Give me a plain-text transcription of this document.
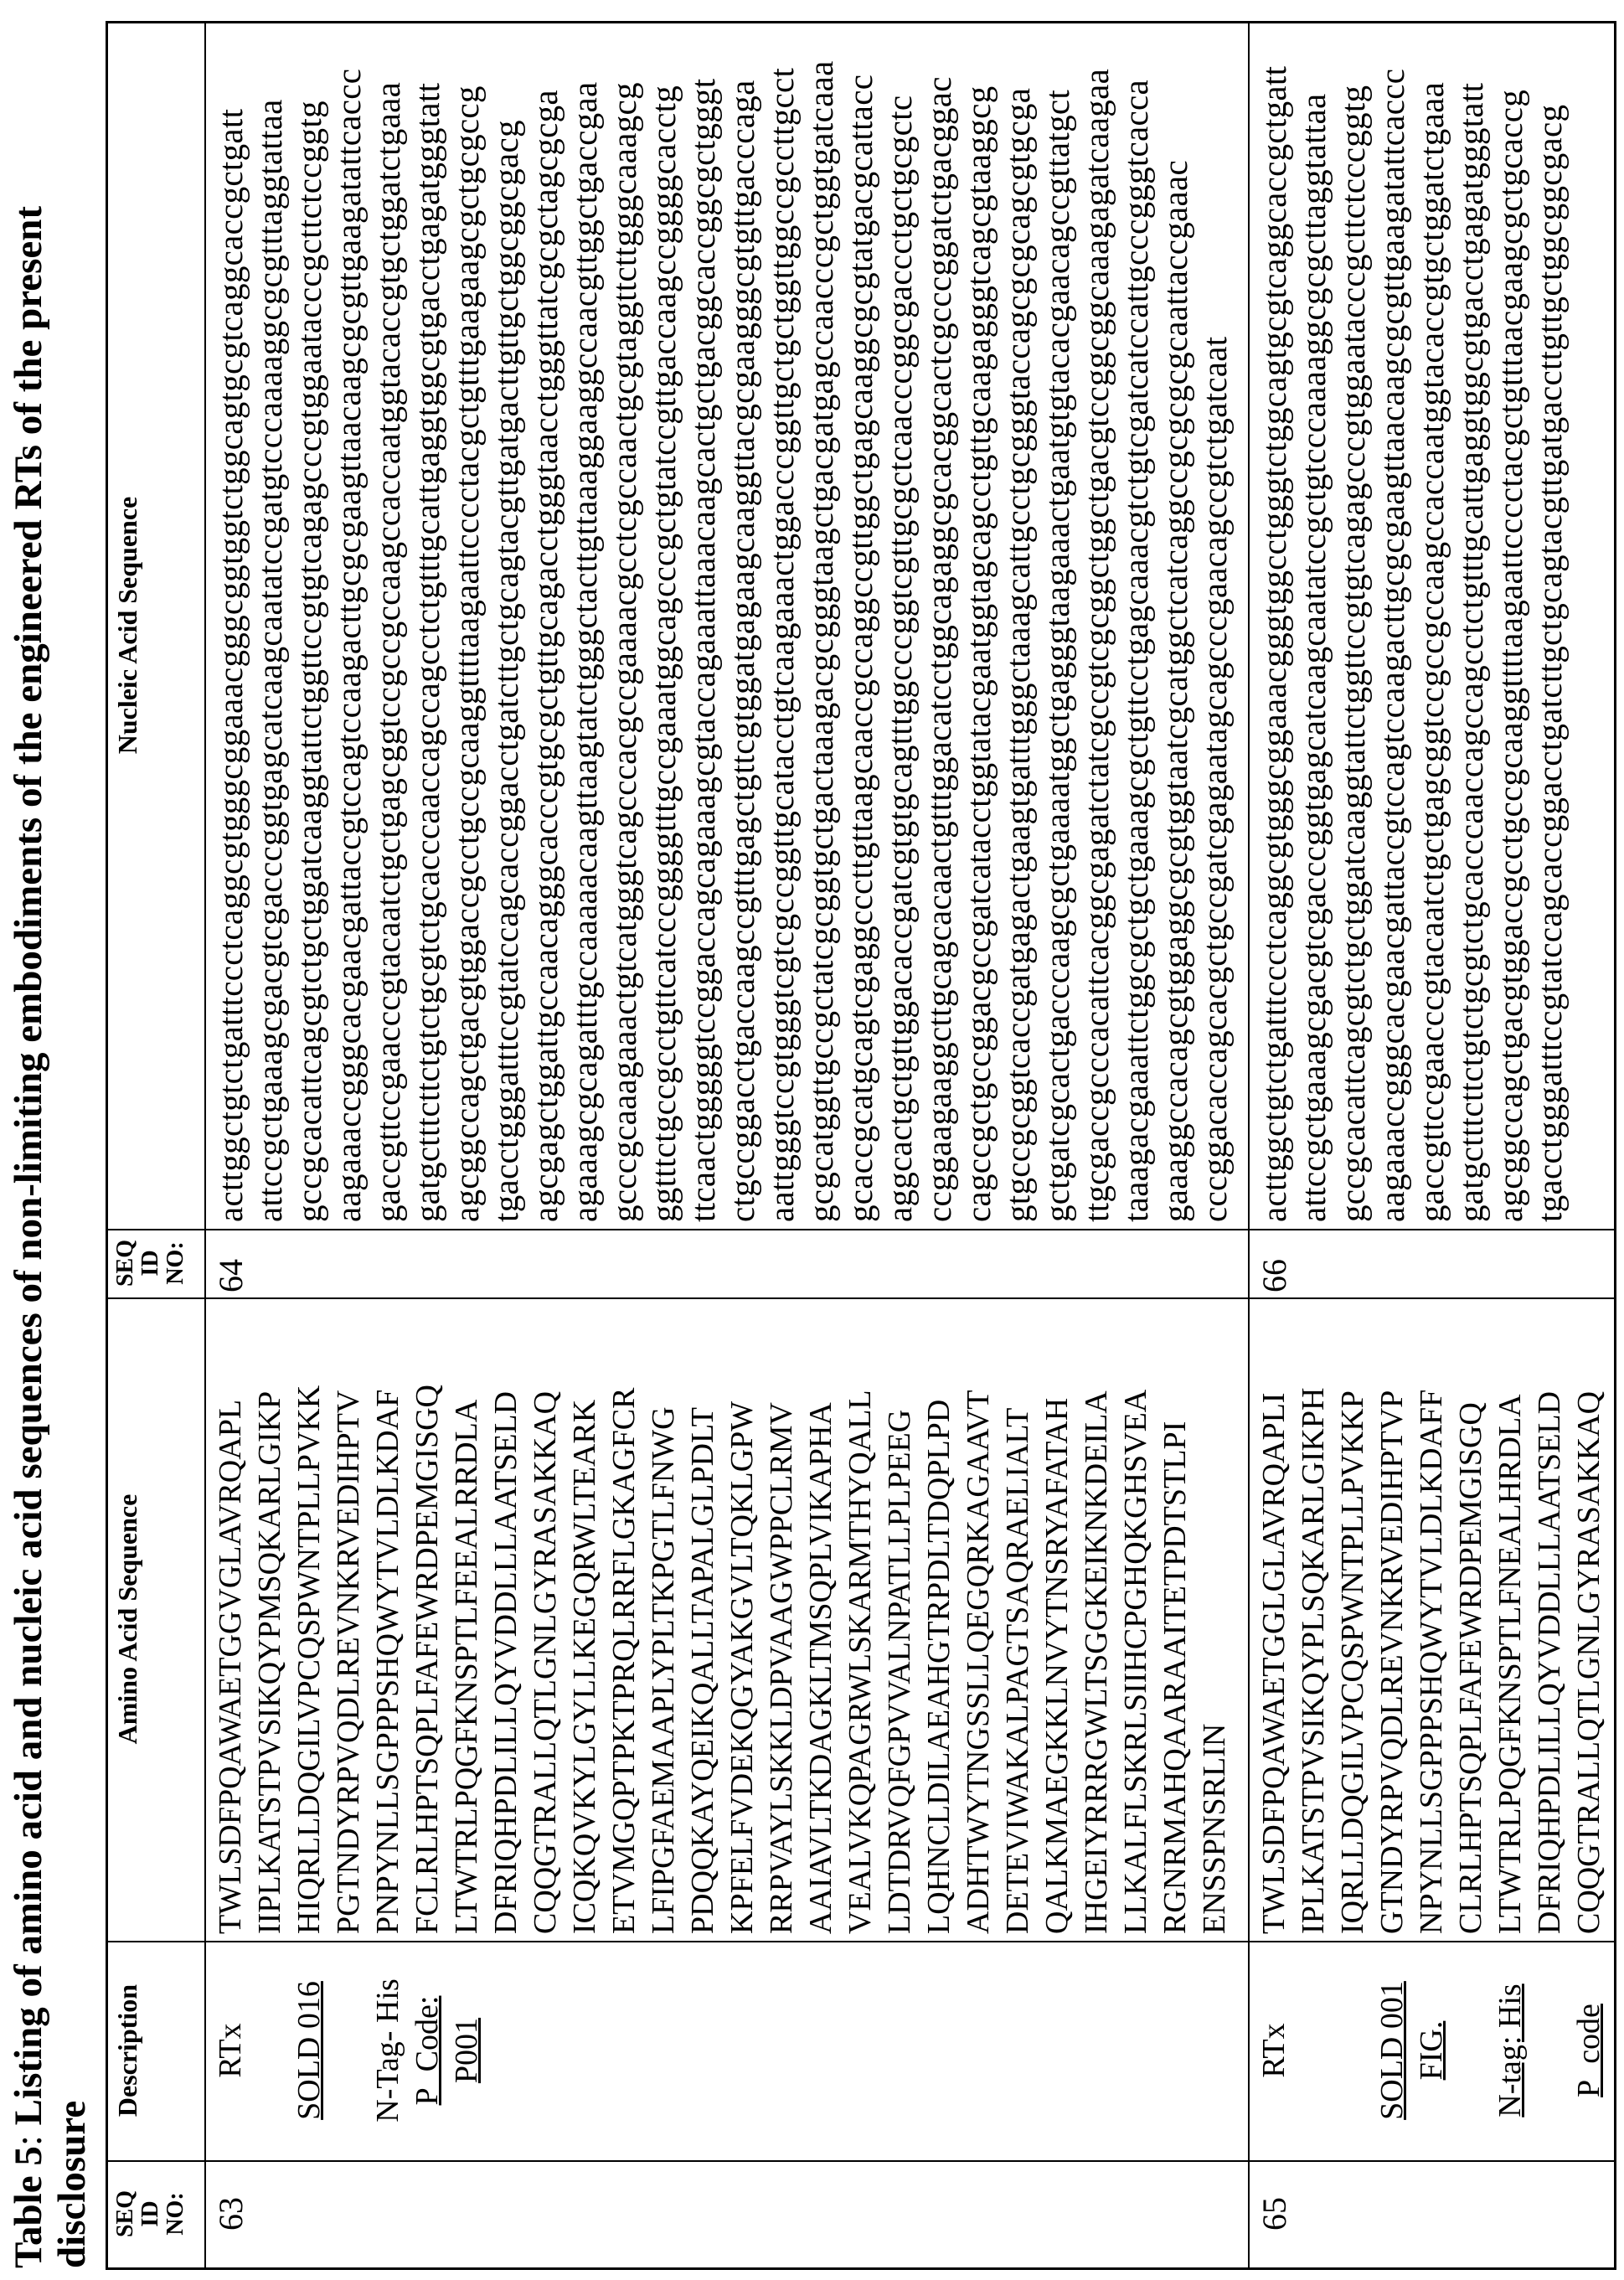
Table 5: Listing of amino acid and nucleic acid sequences of non-limiting embodiments of the engineered RTs of the present
disclosure SEQ ID NO:
Description
Amino Acid Sequence
SEQ ID NO:
Nucleic Acid Sequence
63
RTx SOLD 016 N-Tag- His P_Code: P001
TWLSDFPQAWAETGGVGLAVRQAPL IIPLKATSTPVSIKQYPMSQKARLGIKP HIQRLLDQGILVPCQSPWNTPLLPVKK PGTNDYRPVQDLREVNKRVEDIHPTV PNPYNLLSGPPPSHQWYTVLDLKDAF FCLRLHPTSQPLFAFEWRDPEMGISGQ LTWTRLPQGFKNSPTLFEEALRRDLA DFRIQHPDLILLQYVDDLLLAATSELD CQQGTRALLQTLGNLGYRASAKKAQ ICQKQVKYLGYLLKEGQRWLTEARK ETVMGQPTPKTPRQLRRFLGKAGFCR LFIPGFAEMAAPLYPLTKPGTLFNWG PDQQKAYQEIKQALLTAPALGLPDLT KPFELFVDEKQGYAKGVLTQKLGPW RRPVAYLSKKLDPVAAGWPPCLRMV AAIAVLTKDAGKLTMSQPLVIKAPHA VEALVKQPAGRWLSKARMTHYQALL LDTDRVQFGPVVALNPATLLPLPEEG LQHNCLDILAEAHGTRPDLTDQPLPD ADHTWYTNGSSLLQEGQRKAGAAVT DETEVIWAKALPAGTSAQRAELIALT QALKMAEGKKLNVYTNSRYAFATAH IHGEIYRRRGWLTSGGKEIKNKDEILA LLKALFLSKRLSIIHCPGHQKGHSVEA RGNRMAHQAARAAITETPDTSTLPI ENSSPNSRLIN
64
acttggctgtctgatttccctcaggcgtgggcggaaacgggcggtggtctggcagtgcgtcaggcaccgctgatt attccgctgaaagcgacgtcgacccggtgagcatcaagcaatatccgatgtcccaaaaggcgcgtttaggtattaa gccgcacattcagcgtctgctggatcaaggtattctggttccgtgtcagagcccgtggaatacccgcttctccggtg aagaaaccgggcacgaacgattaccgtccagtccaagacttgcgcgaagttaacaagcgcgttgaagatattcaccc gaccgttccgaacccgtacaatctgctgagcggtccgccgccaagccaccaatggtacaccgtgctggatctgaaa gatgctttcttctgtctgcgtctgcacccaaccagccagcctctgtttgcattgaggtggcgtgacctgagatgggtatt agcggccagctgacgtggaccgcctgccgcaaggttttaagaattcccctacgctgtttgaagaagcgctgcgccg tgacctgggatttccgtatccagcaccggacctgatcttgctgcagtacgttgatgacttgttgctggcggcgacg agcgagctggattgccaacagggcacccgtgcgctgttgcagacctgggtaacctgggttatcgcgctagcgcga agaaagcgcagatttgccaaaaacaagttaagtatctgggctacttgttaaaggaaggccaacgttggctgaccgaa gcccgcaaagaaactgtcatgggtcagcccacgccgaaaacgcctcgccaactgcgtaggttcttgggcaaagcg ggtttctgccgcctgttcatcccggggtttgccgaaatggcagcccgctgtatccgttgaccaagccggggcacctg ttcaactgggggtccggaccagcagaaagcgtaccagaaattaaacaagcactgctgacggcaccggcgctgggt ctgccggacctgaccaagccgtttgagctgttcgtggatgagaagcaaggttacgcgaagggcgtgttgacccaga aattgggtccgtgggtcgtcgccggttgcatacctgtcaagaaactggacccggttgctgctggttggccgccttgcct gcgcatggttgccgctatcgcggtgctgactaaagacgcgggtaagctgacgatgagccaacccgctggtgatcaaa gcaccgcatgcagtcgaggcccttgttaagcaaccgccaggccgttggctgagcaaggcgcgtatgacgcattacc aggcactgctgttggacaccgatcgtgtgcagtttggcccggtcgttgcgctcaacccggcgaccctgctgcgctc ccggaagaaggcttgcagcacaactgtttggacatcctggcagaggcgcacggcactcgcccggatctgacggac cagccgctgccggacgccgatcatacctggtatacgaatggtagcagcctgttgcaagagggtcagcgtaaggcg gtgccgcggtcaccgatgagactgaagtgatttgggctaaagcattgcctgcgggtaccagcgcgcagcgtgcga gctgatcgcactgacccaagcgctgaaaatggctgagggtaagaaactgaatgtgtacacgaacagccgttatgct ttgcgaccgcccacattcacggcgagatctatcgccgtcgcggctggctgacgtccggcggcaaagagatcaagaa taaagacgaaattctggcgctgctgaaagcgctgttcctgagcaaacgtctgtcgatcatccattgcccgggtcacca gaaaggccacagcgtggaggcgcgtggtaatcgcatggctcatcaggccgcgcgcgcaattaccgaaac cccggacaccagcacgctgccgatcgagaatagcagcccgaacagccgtctgatcaat
65
RTx	SOLD 001 FIG. N-tag: His P_code
TWLSDFPQAWAETGGLGLAVRQAPLI IPLKATSTPVSIKQYPLSQKARLGIKPH IQRLLDQGILVPCQSPWNTPLLPVKKP GTNDYRPVQDLREVNKRVEDIHPTVP NPYNLLSGPPPSHQWYTVLDLKDAFF CLRLHPTSQPLFAFEWRDPEMGISGQ LTWTRLPQGFKNSPTLFNEALHRDLA DFRIQHPDLILLQYVDDLLLAATSELD CQQGTRALLQTLGNLGYRASAKKAQ
66
acttggctgtctgatttccctcaggcgtgggcggaaacgggtggcctgggtctggcagtgcgtcaggcaccgctgatt attccgctgaaagcgacgtcgacccggtgagcatcaagcaatatccgctgtcccaaaaggcgcgcttaggtattaa gccgcacattcagcgtctgctggatcaaggtattctggttccgtgtcagagcccgtggaatacccgcttctcccggtg aagaaaccgggcacgaacgattaccgtccagtccaagacttgcgcgaagttaacaagcgcgttgaagatattcaccc gaccgttccgaacccgtacaatctgctgagcggtccgccgccaagccaccaatggtacaccgtgctggatctgaaa gatgctttcttctgtctgcgtctgcacccaaccagccagcctctgtttgcattgaggtggcgtgacctgagatgggtatt agcggccagctgacgtggaccgcctgccgcaaggttttaagaattcccctacgctgtttaacgaagcgctgcaccg tgacctgggatttccgtatccagcaccggacctgatcttgctgcagtacgttgatgaccttgttgctggcggcgacg
